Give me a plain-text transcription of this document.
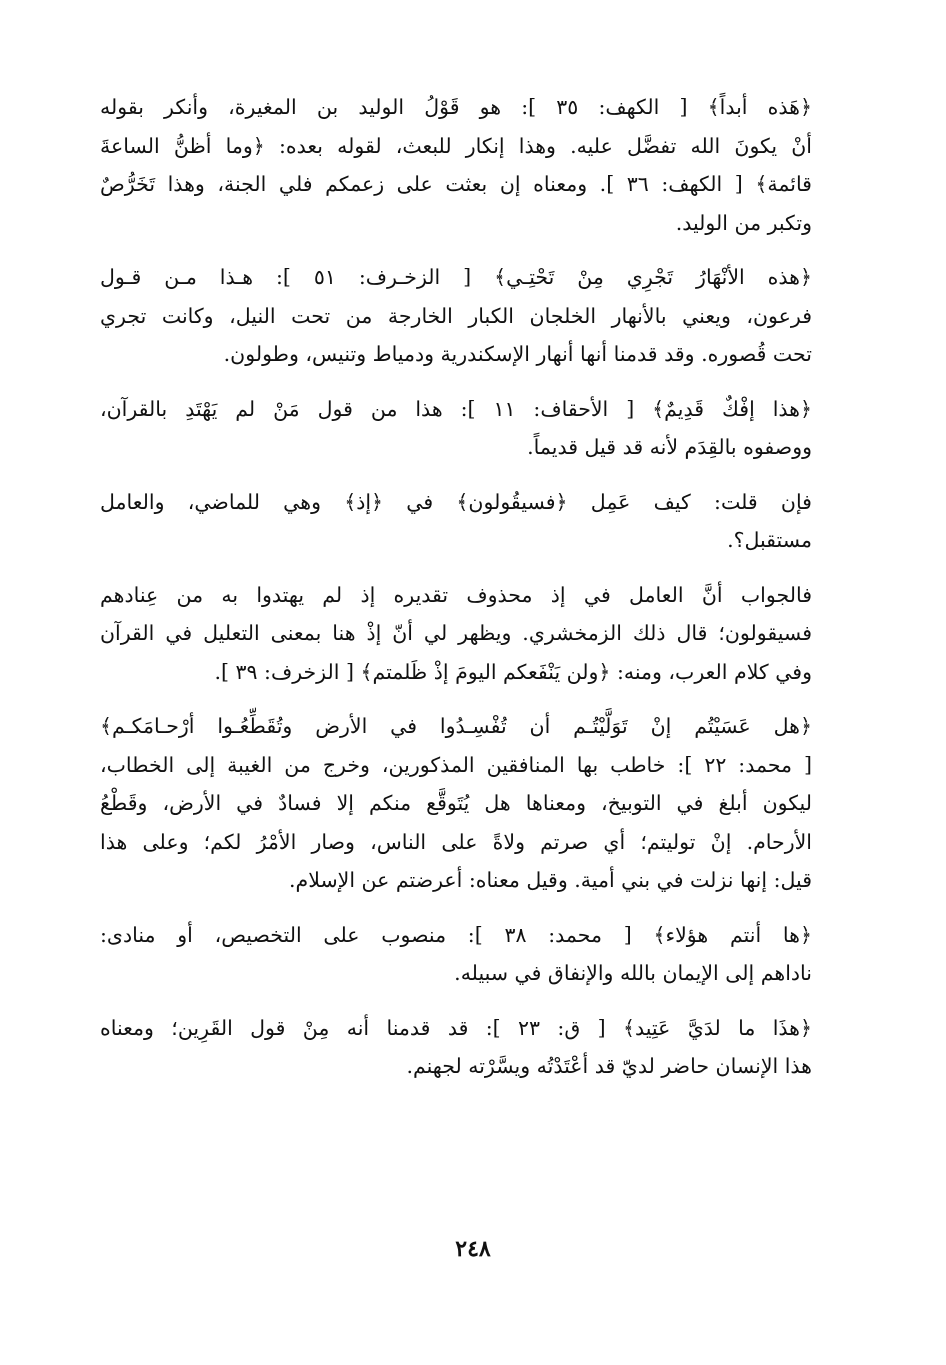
﴿هَذه أبداً﴾ [ الكهف: ٣٥ ]: هو قَوْلُ الوليد بن المغيرة، وأنكر بقوله
أنْ يكونَ الله تفضَّل عليه. وهذا إنكار للبعث، لقوله بعده: ﴿وما أظنُّ الساعةَ
قائمة﴾ [ الكهف: ٣٦ ]. ومعناه إن بعثت على زعمكم فلي الجنة، وهذا تَخَرُّصٌ
وتكبر من الوليد.
﴿هذه الأنْهَارُ تَجْرِي مِنْ تَحْتِـي﴾ [ الزخـرف: ٥١ ]: هـذا مـن قـول
فرعون، ويعني بالأنهار الخلجان الكبار الخارجة من تحت النيل، وكانت تجري
تحت قُصوره. وقد قدمنا أنها أنهار الإسكندرية ودمياط وتنيس، وطولون.
﴿هذا إفْكٌ قَدِيمٌ﴾ [ الأحقاف: ١١ ]: هذا من قول مَنْ لم يَهْتَدِ بالقرآن،
ووصفوه بالقِدَم لأنه قد قيل قديماً.
فإن قلت: كيف عَمِل ﴿فسيقُولون﴾ في ﴿إذ﴾ وهي للماضي، والعامل
مستقبل؟.
فالجواب أنَّ العامل في إذ محذوف تقديره إذ لم يهتدوا به من عِنادهم
فسيقولون؛ قال ذلك الزمخشري. ويظهر لي أنّ إذْ هنا بمعنى التعليل في القرآن
وفي كلام العرب، ومنه: ﴿ولن يَنْفَعكم اليومَ إذْ ظَلمتم﴾ [ الزخرف: ٣٩ ].
﴿هل عَسَيْتُم إنْ تَوَلَّيْتُـم أن تُفْسِـدُوا في الأرض وتُقَطِّعُـوا أرْحـامَكـم﴾
[ محمد: ٢٢ ]: خاطب بها المنافقين المذكورين، وخرج من الغيبة إلى الخطاب،
ليكون أبلغ في التوبيخ، ومعناها هل يُتَوقَّع منكم إلا فسادٌ في الأرض، وقَطْعُ
الأرحام. إنْ توليتم؛ أي صرتم ولاةً على الناس، وصار الأمْرُ لكم؛ وعلى هذا
قيل: إنها نزلت في بني أمية. وقيل معناه: أعرضتم عن الإسلام.
﴿ها أنتم هؤلاء﴾ [ محمد: ٣٨ ]: منصوب على التخصيص، أو منادى:
ناداهم إلى الإيمان بالله والإنفاق في سبيله.
﴿هذَا ما لدَيَّ عَتِيد﴾ [ ق: ٢٣ ]: قد قدمنا أنه مِنْ قول القَرِين؛ ومعناه
هذا الإنسان حاضر لديّ قد أعْتَدْتُه ويسَّرْته لجهنم.
٢٤٨
